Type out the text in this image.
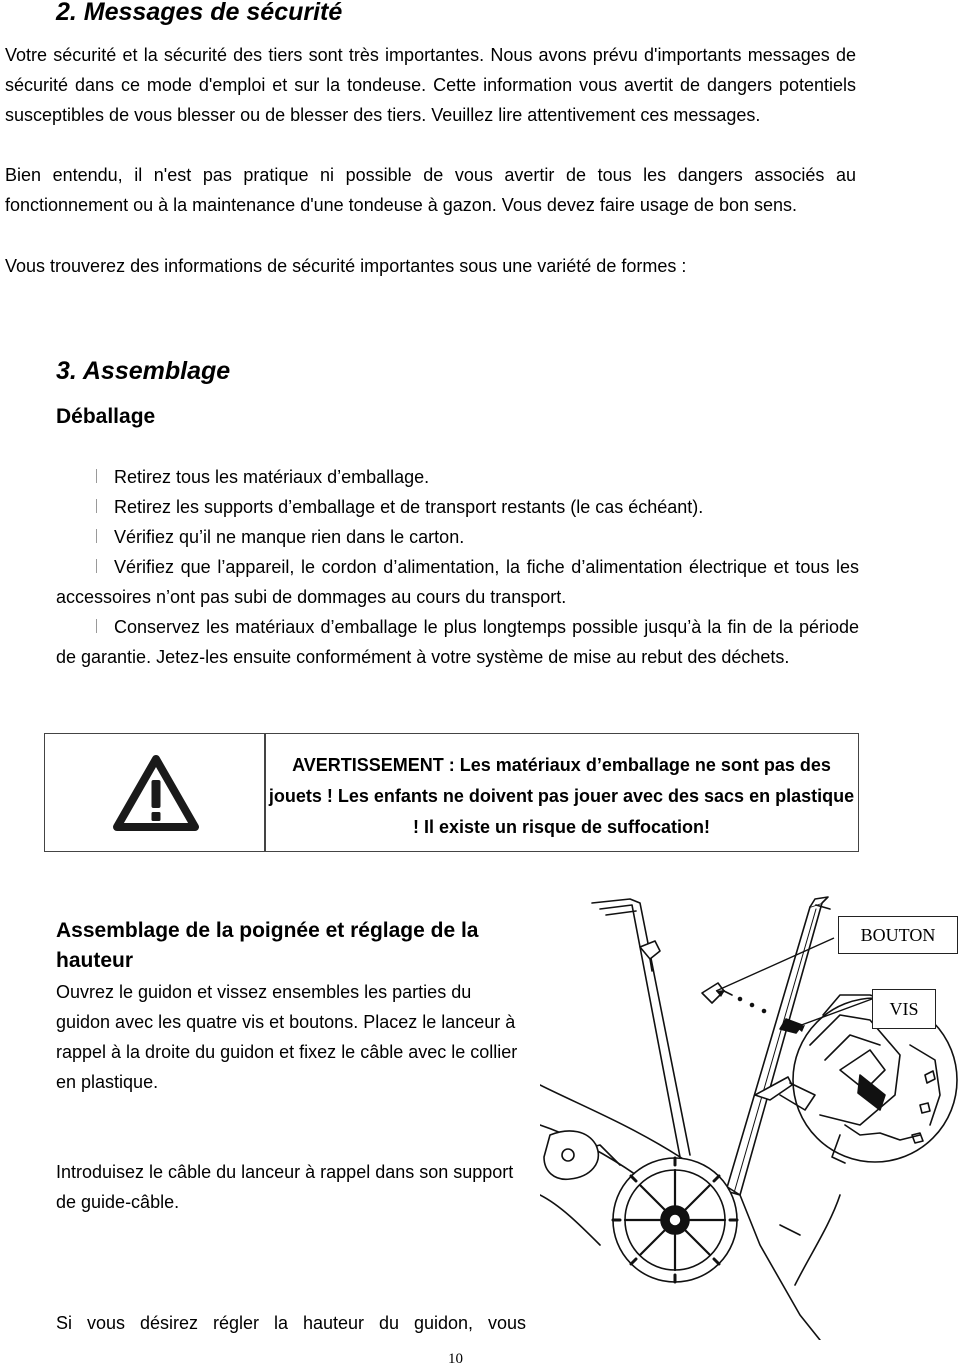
2. Messages de sécurité

Votre sécurité et la sécurité des tiers sont très importantes. Nous avons prévu d'importants messages de sécurité dans ce mode d'emploi et sur la tondeuse. Cette information vous avertit de dangers potentiels susceptibles de vous blesser ou de blesser des tiers. Veuillez lire attentivement ces messages.

Bien entendu, il n'est pas pratique ni possible de vous avertir de tous les dangers associés au fonctionnement ou à la maintenance d'une tondeuse à gazon. Vous devez faire usage de bon sens.

Vous trouverez des informations de sécurité importantes sous une variété de formes :

3. Assemblage
Déballage

Retirez tous les matériaux d’emballage.

Retirez les supports d’emballage et de transport restants (le cas échéant).

Vérifiez qu’il ne manque rien dans le carton.

Vérifiez que l’appareil, le cordon d’alimentation, la fiche d’alimentation électrique et tous les accessoires n’ont pas subi de dommages au cours du transport.

Conservez les matériaux d’emballage le plus longtemps possible jusqu’à la fin de la période de garantie. Jetez-les ensuite conformément à votre système de mise au rebut des déchets.

AVERTISSEMENT : Les matériaux d’emballage ne sont pas des jouets ! Les enfants ne doivent pas jouer avec des sacs en plastique ! Il existe un risque de suffocation!
Assemblage de la poignée et réglage de la hauteur

Ouvrez le guidon et vissez ensembles les parties du guidon avec les quatre vis et boutons. Placez le lanceur à rappel à la droite du guidon et fixez le câble avec le collier en plastique.

Introduisez le câble du lanceur à rappel dans son support de guide-câble.

Si vous désirez régler la hauteur du guidon, vous

BOUTON
VIS
10
